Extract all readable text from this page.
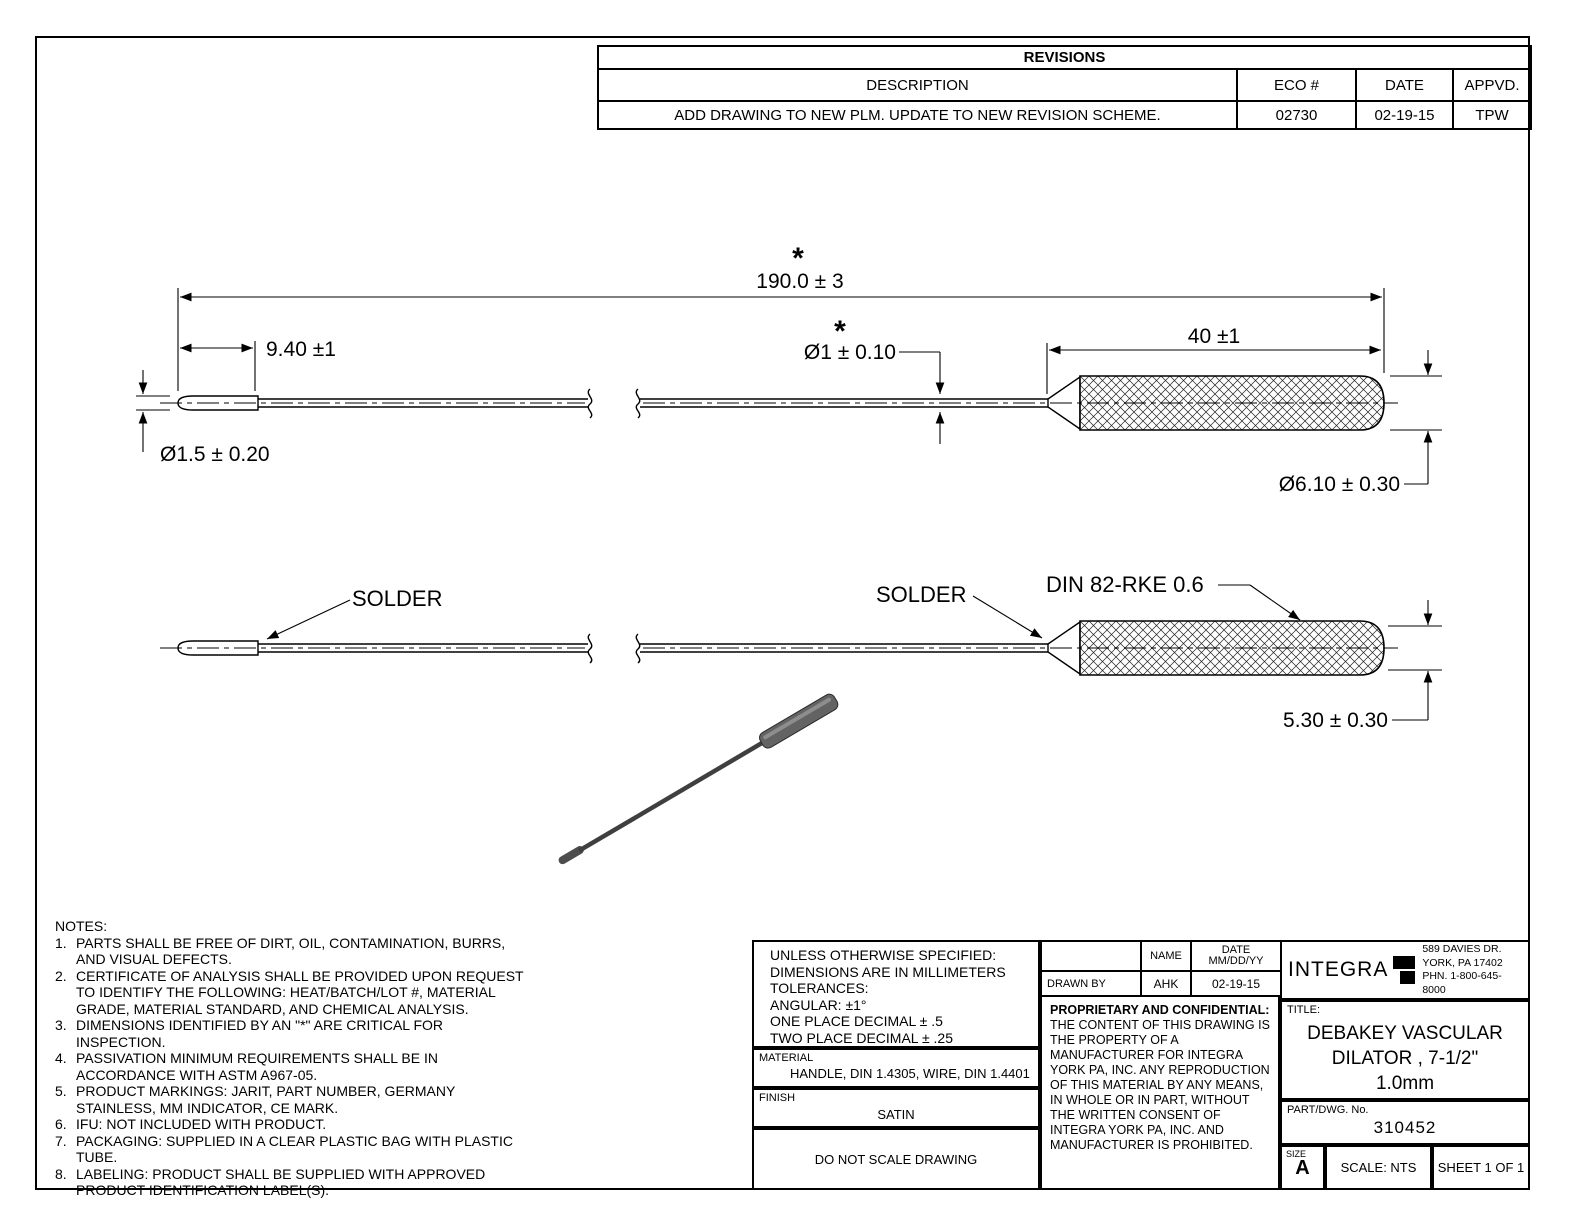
REVISIONS			
DESCRIPTION	ECO #	DATE	APPVD.
ADD DRAWING TO NEW PLM. UPDATE TO NEW REVISION SCHEME.	02730	02-19-15	TPW
*
190.0 ± 3
9.40 ±1
*
Ø1 ± 0.10
40 ±1
Ø1.5 ± 0.20
Ø6.10 ± 0.30
SOLDER	SOLDER	DIN 82-RKE 0.6
5.30 ± 0.30
NOTES:
1. PARTS SHALL BE FREE OF DIRT, OIL, CONTAMINATION, BURRS, AND VISUAL DEFECTS.
2. CERTIFICATE OF ANALYSIS SHALL BE PROVIDED UPON REQUEST TO IDENTIFY THE FOLLOWING: HEAT/BATCH/LOT #, MATERIAL GRADE, MATERIAL STANDARD, AND CHEMICAL ANALYSIS.
3. DIMENSIONS IDENTIFIED BY AN "*" ARE CRITICAL FOR INSPECTION.
4. PASSIVATION MINIMUM REQUIREMENTS SHALL BE IN ACCORDANCE WITH ASTM A967-05.
5. PRODUCT MARKINGS: JARIT, PART NUMBER, GERMANY STAINLESS, MM INDICATOR, CE MARK.
6. IFU: NOT INCLUDED WITH PRODUCT.
7. PACKAGING: SUPPLIED IN A CLEAR PLASTIC BAG WITH PLASTIC TUBE.
8. LABELING: PRODUCT SHALL BE SUPPLIED WITH APPROVED PRODUCT IDENTIFICATION LABEL(S).
UNLESS OTHERWISE SPECIFIED:
DIMENSIONS ARE IN MILLIMETERS
TOLERANCES:
ANGULAR: ±1°
ONE PLACE DECIMAL ± .5
TWO PLACE DECIMAL ± .25
MATERIAL
HANDLE, DIN 1.4305, WIRE, DIN 1.4401
FINISH
SATIN
DO NOT SCALE DRAWING
	NAME	DATE
MM/DD/YY
DRAWN BY	AHK	02-19-15
PROPRIETARY AND CONFIDENTIAL: THE CONTENT OF THIS DRAWING IS THE PROPERTY OF A MANUFACTURER FOR INTEGRA YORK PA, INC. ANY REPRODUCTION OF THIS MATERIAL BY ANY MEANS, IN WHOLE OR IN PART, WITHOUT THE WRITTEN CONSENT OF INTEGRA YORK PA, INC. AND MANUFACTURER IS PROHIBITED.
INTEGRA
589 DAVIES DR.
YORK, PA 17402
PHN. 1-800-645-8000
TITLE:
DEBAKEY VASCULAR
DILATOR , 7-1/2"
1.0mm
PART/DWG. No.
310452
SIZE
A	SCALE: NTS SHEET 1 OF 1
